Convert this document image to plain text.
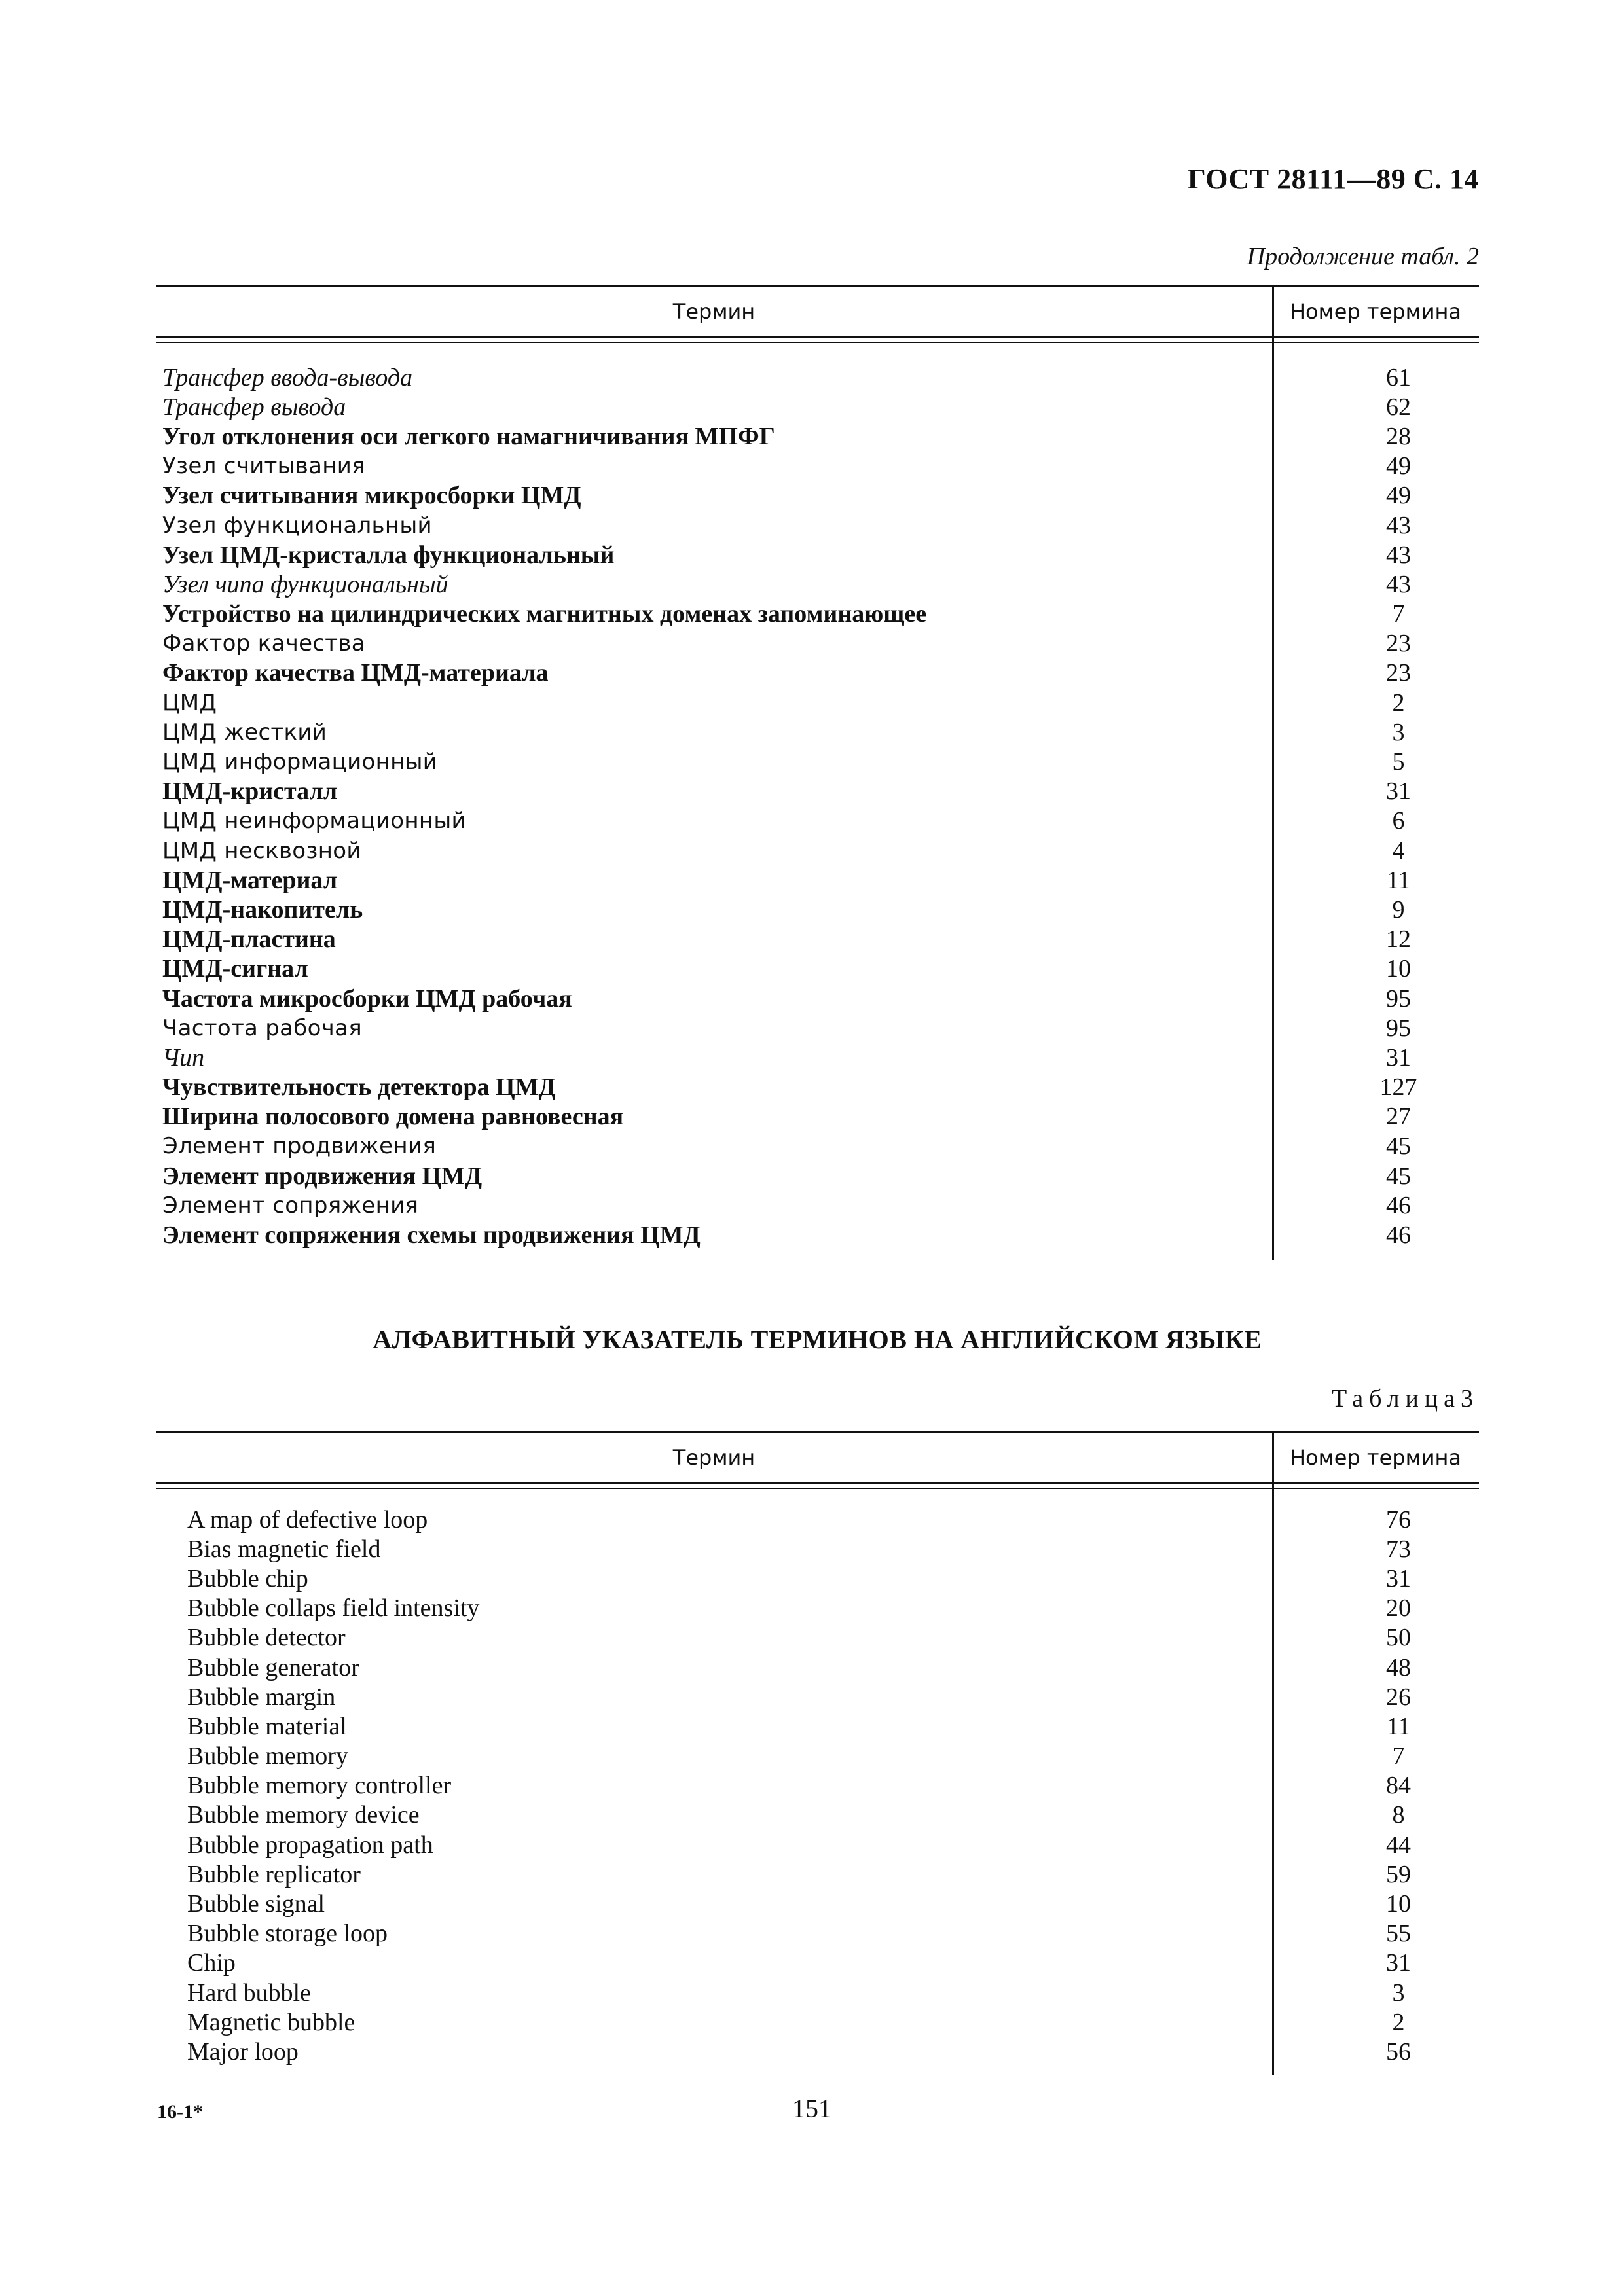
ГОСТ 28111—89 С. 14
Продолжение табл. 2
Термин	Номер термина
Трансфер ввода-вывода	61
Трансфер вывода	62
Угол отклонения оси легкого намагничивания МПФГ	28
Узел считывания	49
Узел считывания микросборки ЦМД	49
Узел функциональный	43
Узел ЦМД-кристалла функциональный	43
Узел чипа функциональный	43
Устройство на цилиндрических магнитных доменах запоминающее	7
Фактор качества	23
Фактор качества ЦМД-материала	23
ЦМД	2
ЦМД жесткий	3
ЦМД информационный	5
ЦМД-кристалл	31
ЦМД неинформационный	6
ЦМД несквозной	4
ЦМД-материал	11
ЦМД-накопитель	9
ЦМД-пластина	12
ЦМД-сигнал	10
Частота микросборки ЦМД рабочая	95
Частота рабочая	95
Чип	31
Чувствительность детектора ЦМД	127
Ширина полосового домена равновесная	27
Элемент продвижения	45
Элемент продвижения ЦМД	45
Элемент сопряжения	46
Элемент сопряжения схемы продвижения ЦМД	46
АЛФАВИТНЫЙ УКАЗАТЕЛЬ ТЕРМИНОВ НА АНГЛИЙСКОМ ЯЗЫКЕ
Таблица3
Термин	Номер термина
A map of defective loop	76
Bias magnetic field	73
Bubble chip	31
Bubble collaps field intensity	20
Bubble detector	50
Bubble generator	48
Bubble margin	26
Bubble material	11
Bubble memory	7
Bubble memory controller	84
Bubble memory device	8
Bubble propagation path	44
Bubble replicator	59
Bubble signal	10
Bubble storage loop	55
Chip	31
Hard bubble	3
Magnetic bubble	2
Major loop	56
16-1*	151
